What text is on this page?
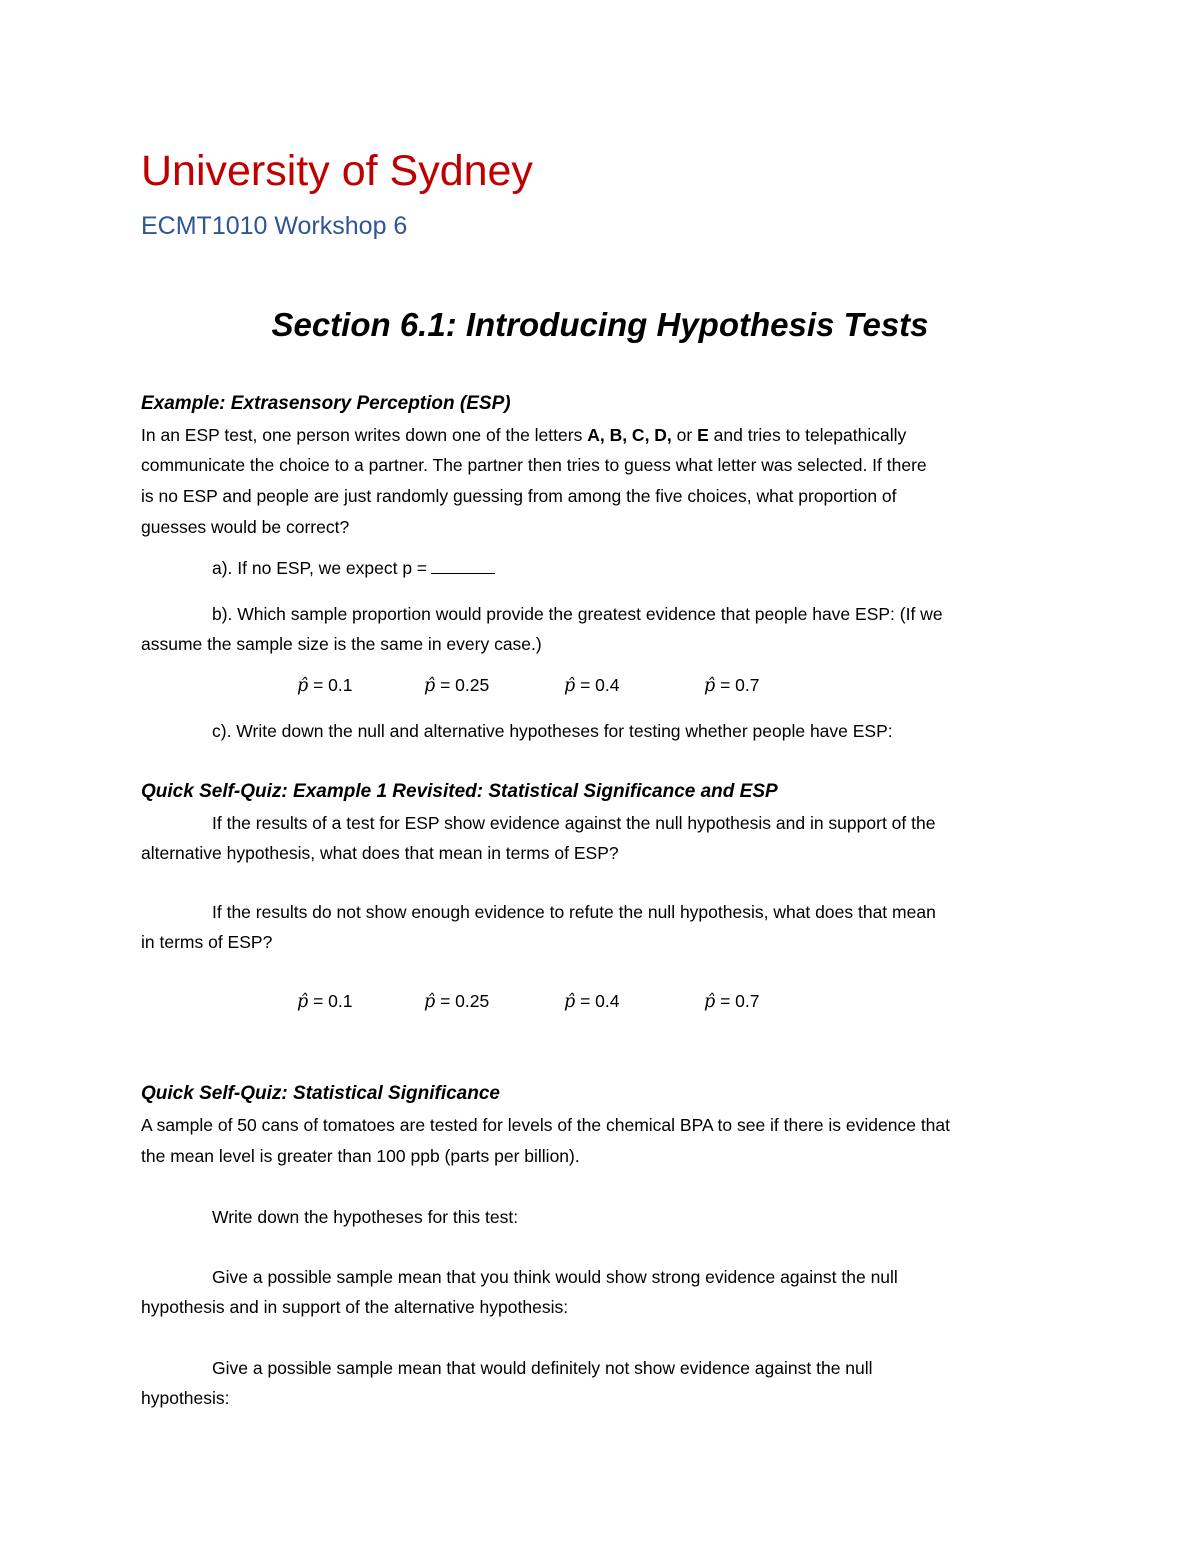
University of Sydney
ECMT1010 Workshop 6
Section 6.1: Introducing Hypothesis Tests
Example: Extrasensory Perception (ESP)
In an ESP test, one person writes down one of the letters A, B, C, D, or E and tries to telepathically
communicate the choice to a partner. The partner then tries to guess what letter was selected. If there
is no ESP and people are just randomly guessing from among the five choices, what proportion of
guesses would be correct?
a). If no ESP, we expect p =
b). Which sample proportion would provide the greatest evidence that people have ESP: (If we
assume the sample size is the same in every case.)
p̂ = 0.1	p̂ = 0.25	p̂ = 0.4	p̂ = 0.7
c). Write down the null and alternative hypotheses for testing whether people have ESP:
Quick Self-Quiz: Example 1 Revisited: Statistical Significance and ESP
If the results of a test for ESP show evidence against the null hypothesis and in support of the
alternative hypothesis, what does that mean in terms of ESP?
If the results do not show enough evidence to refute the null hypothesis, what does that mean
in terms of ESP?
p̂ = 0.1	p̂ = 0.25	p̂ = 0.4	p̂ = 0.7
Quick Self-Quiz: Statistical Significance
A sample of 50 cans of tomatoes are tested for levels of the chemical BPA to see if there is evidence that
the mean level is greater than 100 ppb (parts per billion).
Write down the hypotheses for this test:
Give a possible sample mean that you think would show strong evidence against the null
hypothesis and in support of the alternative hypothesis:
Give a possible sample mean that would definitely not show evidence against the null
hypothesis:
